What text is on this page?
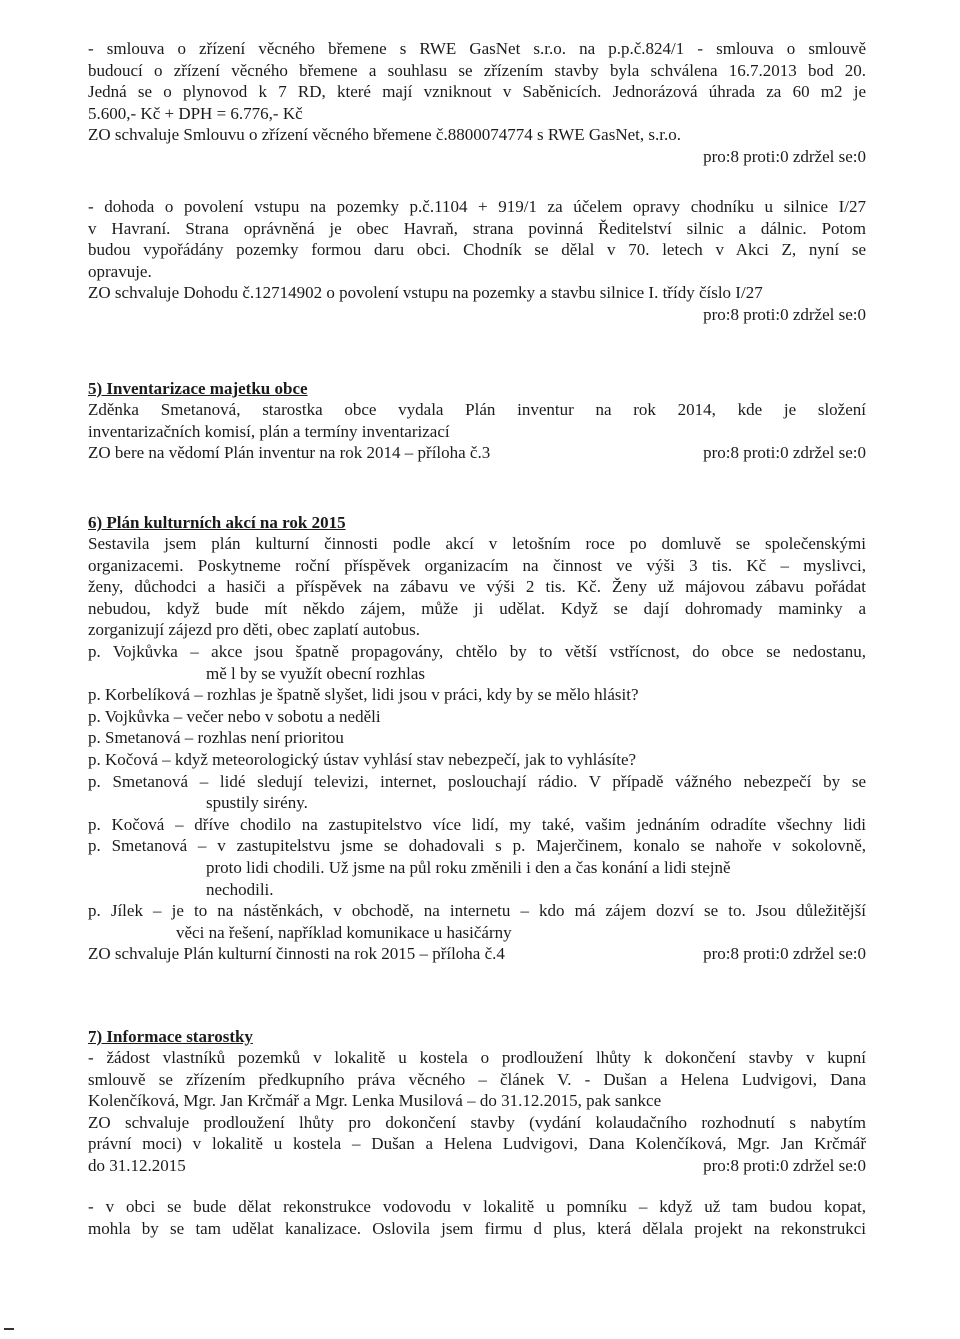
- smlouva o zřízení věcného břemene s RWE GasNet s.r.o. na p.p.č.824/1 - smlouva o smlouvě
budoucí o zřízení věcného břemene a souhlasu se zřízením stavby byla schválena 16.7.2013 bod 20.
Jedná se o plynovod k 7 RD, které mají vzniknout v Saběnicích. Jednorázová úhrada za 60 m2 je
5.600,- Kč + DPH = 6.776,- Kč
ZO schvaluje Smlouvu o zřízení věcného břemene č.8800074774 s RWE GasNet, s.r.o.
pro:8 proti:0 zdržel se:0
- dohoda o povolení vstupu na pozemky p.č.1104 + 919/1 za účelem opravy chodníku u silnice I/27
v Havraní. Strana oprávněná je obec Havraň, strana povinná Ředitelství silnic a dálnic. Potom
budou vypořádány pozemky formou daru obci. Chodník se dělal v 70. letech v Akci Z, nyní se
opravuje.
ZO schvaluje Dohodu č.12714902 o povolení vstupu na pozemky a stavbu silnice I. třídy číslo I/27
pro:8 proti:0 zdržel se:0
5) Inventarizace majetku obce
Zděnka Smetanová, starostka obce vydala Plán inventur na rok 2014, kde je složení
inventarizačních komisí, plán a termíny inventarizací
ZO bere na vědomí Plán inventur na rok 2014 – příloha č.3	pro:8 proti:0 zdržel se:0
6) Plán kulturních akcí na rok 2015
Sestavila jsem plán kulturní činnosti podle akcí v letošním roce po domluvě se společenskými
organizacemi. Poskytneme roční příspěvek organizacím na činnost ve výši 3 tis. Kč – myslivci,
ženy, důchodci a hasiči a příspěvek na zábavu ve výši 2 tis. Kč. Ženy už májovou zábavu pořádat
nebudou, když bude mít někdo zájem, může ji udělat. Když se dají dohromady maminky a
zorganizují zájezd pro děti, obec zaplatí autobus.
p. Vojkůvka – akce jsou špatně propagovány, chtělo by to větší vstřícnost, do obce se nedostanu,
mě l by se využít obecní rozhlas
p. Korbelíková – rozhlas je špatně slyšet, lidi jsou v práci, kdy by se mělo hlásit?
p. Vojkůvka – večer nebo v sobotu a neděli
p. Smetanová – rozhlas není prioritou
p. Kočová – když meteorologický ústav vyhlásí stav nebezpečí, jak to vyhlásíte?
p. Smetanová – lidé sledují televizi, internet, poslouchají rádio. V případě vážného nebezpečí by se
spustily sirény.
p. Kočová – dříve chodilo na zastupitelstvo více lidí, my také, vašim jednáním odradíte všechny lidi
p. Smetanová – v zastupitelstvu jsme se dohadovali s p. Majerčinem, konalo se nahoře v sokolovně,
proto lidi chodili. Už jsme na půl roku změnili i den a čas konání a lidi stejně
nechodili.
p. Jílek – je to na nástěnkách, v obchodě, na internetu – kdo má zájem dozví se to. Jsou důležitější
věci na řešení, například komunikace u hasičárny
ZO schvaluje Plán kulturní činnosti na rok 2015 – příloha č.4	pro:8 proti:0 zdržel se:0
7) Informace starostky
- žádost vlastníků pozemků v lokalitě u kostela o prodloužení lhůty k dokončení stavby v kupní
smlouvě se zřízením předkupního práva věcného – článek V. - Dušan a Helena Ludvigovi, Dana
Kolenčíková, Mgr. Jan Krčmář a Mgr. Lenka Musilová – do 31.12.2015, pak sankce
ZO schvaluje prodloužení lhůty pro dokončení stavby (vydání kolaudačního rozhodnutí s nabytím
právní moci) v lokalitě u kostela – Dušan a Helena Ludvigovi, Dana Kolenčíková, Mgr. Jan Krčmář
do 31.12.2015	pro:8 proti:0 zdržel se:0
- v obci se bude dělat rekonstrukce vodovodu v lokalitě u pomníku – když už tam budou kopat,
mohla by se tam udělat kanalizace. Oslovila jsem firmu d plus, která dělala projekt na rekonstrukci
